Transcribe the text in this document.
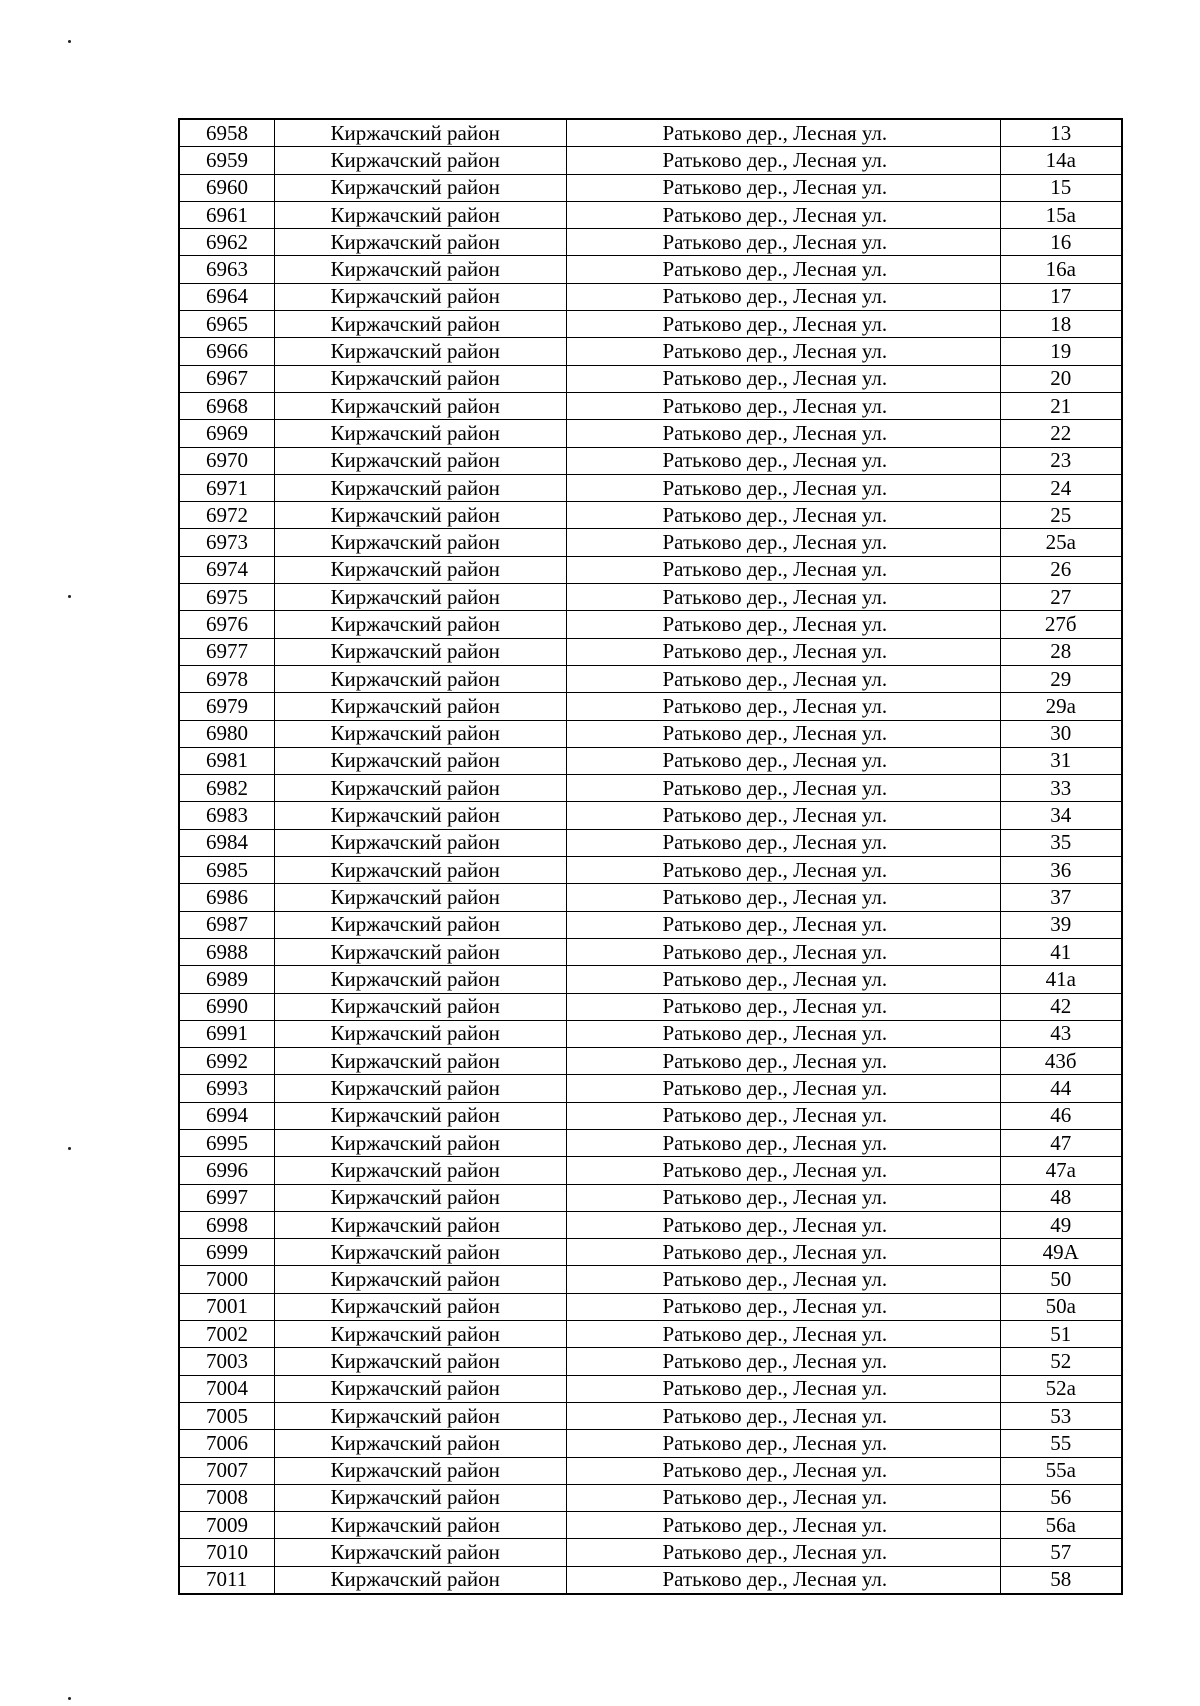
6958	Киржачский район	Ратьково дер., Лесная ул.	13
6959	Киржачский район	Ратьково дер., Лесная ул.	14а
6960	Киржачский район	Ратьково дер., Лесная ул.	15
6961	Киржачский район	Ратьково дер., Лесная ул.	15а
6962	Киржачский район	Ратьково дер., Лесная ул.	16
6963	Киржачский район	Ратьково дер., Лесная ул.	16а
6964	Киржачский район	Ратьково дер., Лесная ул.	17
6965	Киржачский район	Ратьково дер., Лесная ул.	18
6966	Киржачский район	Ратьково дер., Лесная ул.	19
6967	Киржачский район	Ратьково дер., Лесная ул.	20
6968	Киржачский район	Ратьково дер., Лесная ул.	21
6969	Киржачский район	Ратьково дер., Лесная ул.	22
6970	Киржачский район	Ратьково дер., Лесная ул.	23
6971	Киржачский район	Ратьково дер., Лесная ул.	24
6972	Киржачский район	Ратьково дер., Лесная ул.	25
6973	Киржачский район	Ратьково дер., Лесная ул.	25а
6974	Киржачский район	Ратьково дер., Лесная ул.	26
6975	Киржачский район	Ратьково дер., Лесная ул.	27
6976	Киржачский район	Ратьково дер., Лесная ул.	27б
6977	Киржачский район	Ратьково дер., Лесная ул.	28
6978	Киржачский район	Ратьково дер., Лесная ул.	29
6979	Киржачский район	Ратьково дер., Лесная ул.	29а
6980	Киржачский район	Ратьково дер., Лесная ул.	30
6981	Киржачский район	Ратьково дер., Лесная ул.	31
6982	Киржачский район	Ратьково дер., Лесная ул.	33
6983	Киржачский район	Ратьково дер., Лесная ул.	34
6984	Киржачский район	Ратьково дер., Лесная ул.	35
6985	Киржачский район	Ратьково дер., Лесная ул.	36
6986	Киржачский район	Ратьково дер., Лесная ул.	37
6987	Киржачский район	Ратьково дер., Лесная ул.	39
6988	Киржачский район	Ратьково дер., Лесная ул.	41
6989	Киржачский район	Ратьково дер., Лесная ул.	41а
6990	Киржачский район	Ратьково дер., Лесная ул.	42
6991	Киржачский район	Ратьково дер., Лесная ул.	43
6992	Киржачский район	Ратьково дер., Лесная ул.	43б
6993	Киржачский район	Ратьково дер., Лесная ул.	44
6994	Киржачский район	Ратьково дер., Лесная ул.	46
6995	Киржачский район	Ратьково дер., Лесная ул.	47
6996	Киржачский район	Ратьково дер., Лесная ул.	47а
6997	Киржачский район	Ратьково дер., Лесная ул.	48
6998	Киржачский район	Ратьково дер., Лесная ул.	49
6999	Киржачский район	Ратьково дер., Лесная ул.	49А
7000	Киржачский район	Ратьково дер., Лесная ул.	50
7001	Киржачский район	Ратьково дер., Лесная ул.	50а
7002	Киржачский район	Ратьково дер., Лесная ул.	51
7003	Киржачский район	Ратьково дер., Лесная ул.	52
7004	Киржачский район	Ратьково дер., Лесная ул.	52а
7005	Киржачский район	Ратьково дер., Лесная ул.	53
7006	Киржачский район	Ратьково дер., Лесная ул.	55
7007	Киржачский район	Ратьково дер., Лесная ул.	55а
7008	Киржачский район	Ратьково дер., Лесная ул.	56
7009	Киржачский район	Ратьково дер., Лесная ул.	56а
7010	Киржачский район	Ратьково дер., Лесная ул.	57
7011	Киржачский район	Ратьково дер., Лесная ул.	58
